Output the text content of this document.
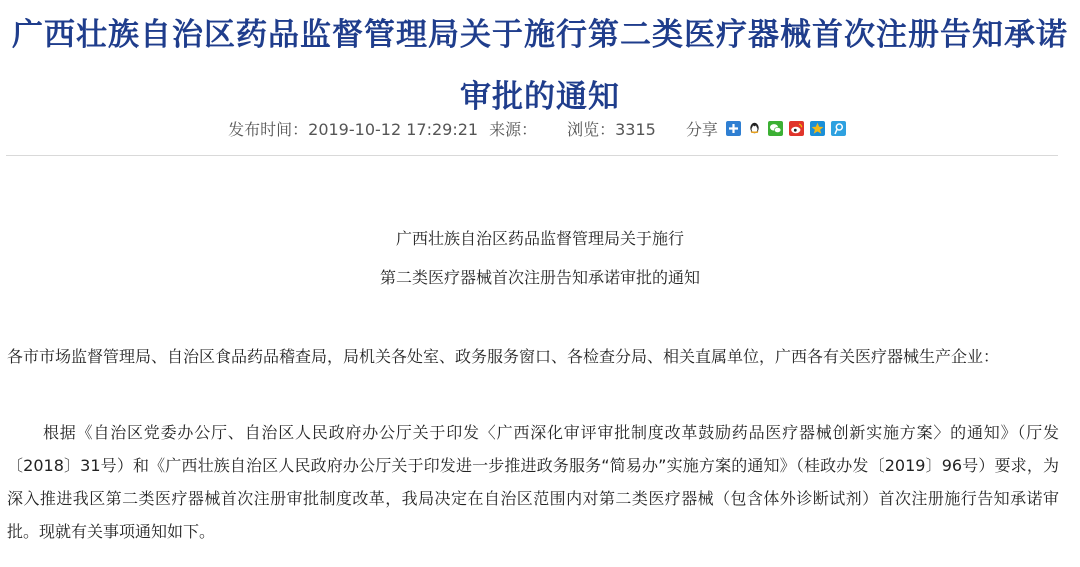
广西壮族自治区药品监督管理局关于施行第二类医疗器械首次注册告知承诺审批的通知
发布时间：2019-10-12 17:29:21 来源： 浏览：3315 分享
广西壮族自治区药品监督管理局关于施行
第二类医疗器械首次注册告知承诺审批的通知

各市市场监督管理局、自治区食品药品稽查局，局机关各处室、政务服务窗口、各检查分局、相关直属单位，广西各有关医疗器械生产企业：

根据《自治区党委办公厅、自治区人民政府办公厅关于印发〈广西深化审评审批制度改革鼓励药品医疗器械创新实施方案〉的通知》（厅发〔2018〕31号）和《广西壮族自治区人民政府办公厅关于印发进一步推进政务服务“简易办”实施方案的通知》（桂政办发〔2019〕96号）要求，为深入推进我区第二类医疗器械首次注册审批制度改革，我局决定在自治区范围内对第二类医疗器械（包含体外诊断试剂）首次注册施行告知承诺审批。现就有关事项通知如下。
